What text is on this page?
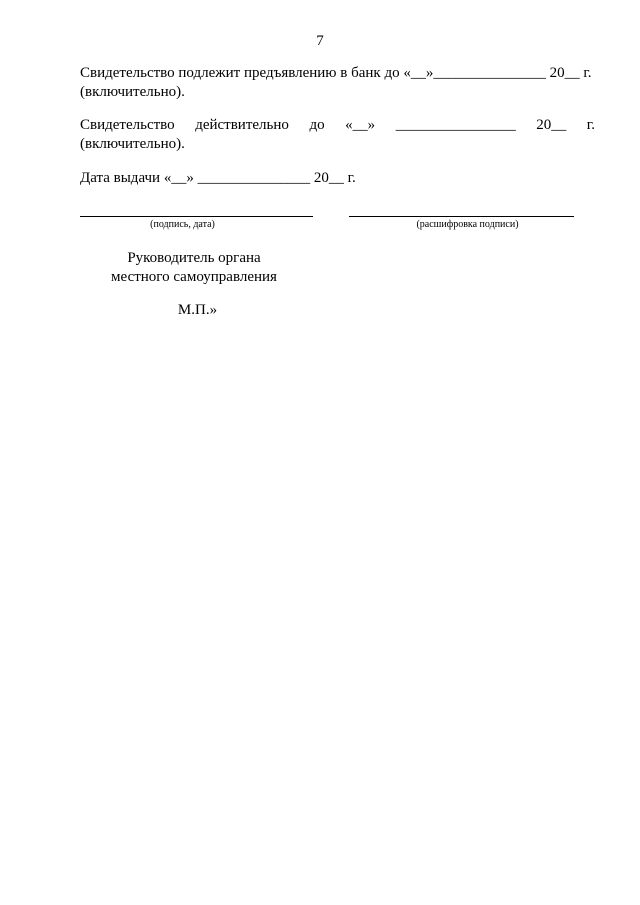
7
Свидетельство подлежит предъявлению в банк до «__»_______________ 20__ г.
(включительно).
Свидетельство действительно до «__» ________________ 20__ г.
(включительно).
Дата выдачи «__» _______________ 20__ г.
(подпись, дата)	(расшифровка подписи)
Руководитель органа
местного самоуправления
М.П.»
